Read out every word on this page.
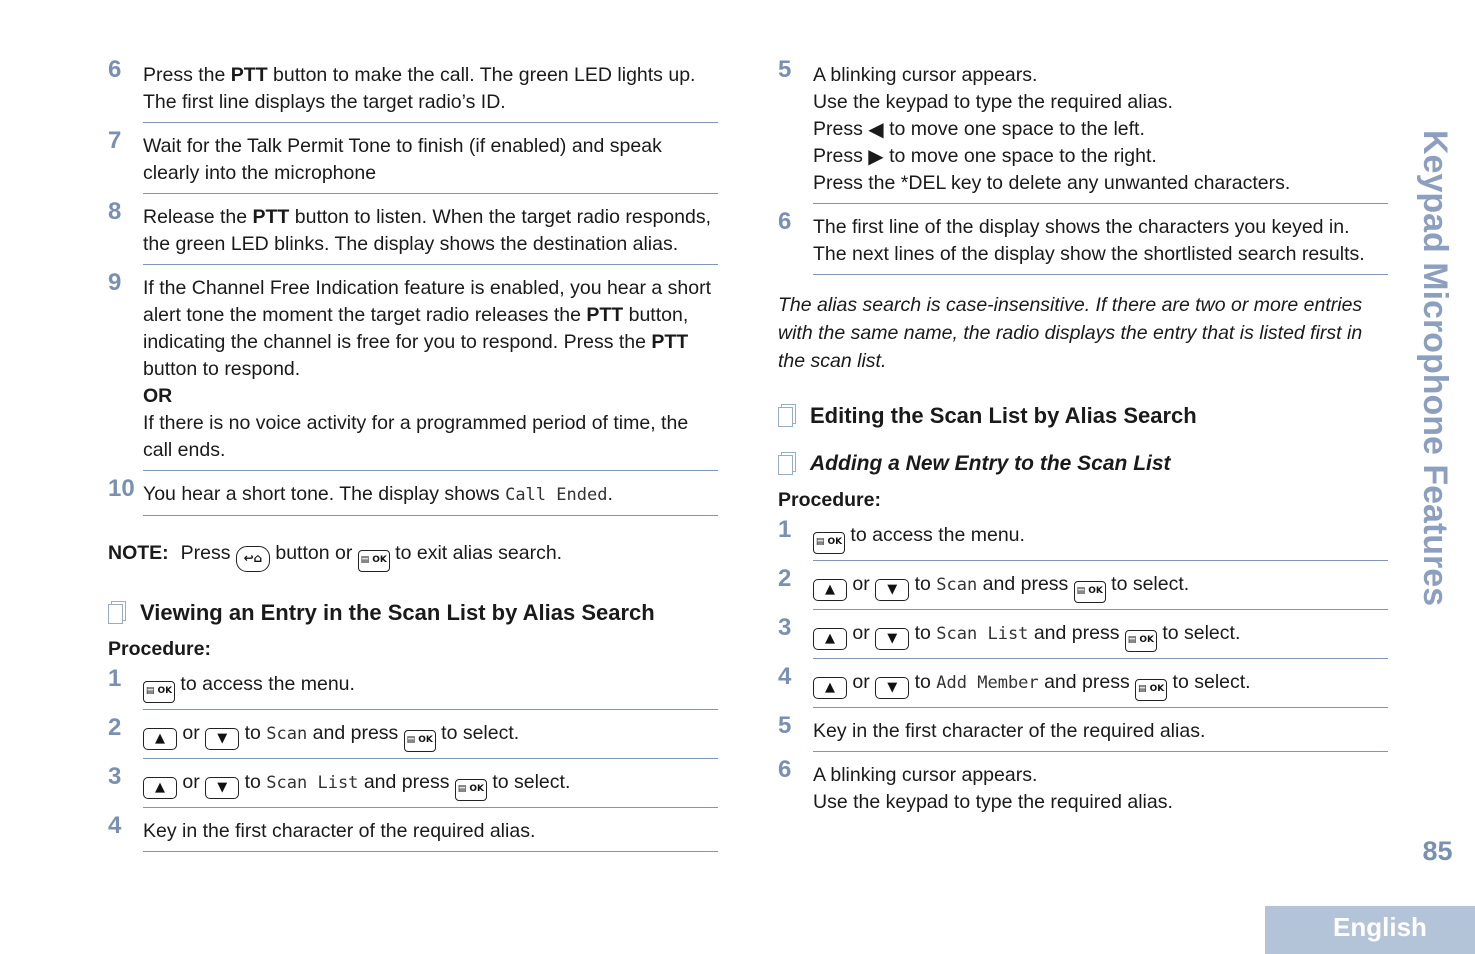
6 Press the PTT button to make the call. The green LED lights up. The first line displays the target radio’s ID.
7 Wait for the Talk Permit Tone to finish (if enabled) and speak clearly into the microphone
8 Release the PTT button to listen. When the target radio responds, the green LED blinks. The display shows the destination alias.
9 If the Channel Free Indication feature is enabled, you hear a short alert tone the moment the target radio releases the PTT button, indicating the channel is free for you to respond. Press the PTT button to respond.
OR
If there is no voice activity for a programmed period of time, the call ends.
10 You hear a short tone. The display shows Call Ended.
NOTE: Press ↩⌂ button or ▤ OK to exit alias search.
Viewing an Entry in the Scan List by Alias Search
Procedure:
1	▤ OK to access the menu.
2	▲ or ▼ to Scan and press ▤ OK to select.
3	▲ or ▼ to Scan List and press ▤ OK to select.
4 Key in the first character of the required alias.
5 A blinking cursor appears.
Use the keypad to type the required alias.
Press ◀ to move one space to the left.
Press ▶ to move one space to the right.
Press the *DEL key to delete any unwanted characters.
6 The first line of the display shows the characters you keyed in. The next lines of the display show the shortlisted search results.
The alias search is case-insensitive. If there are two or more entries with the same name, the radio displays the entry that is listed first in the scan list.
Editing the Scan List by Alias Search
Adding a New Entry to the Scan List
Procedure:
1	▤ OK to access the menu.
2	▲ or ▼ to Scan and press ▤ OK to select.
3	▲ or ▼ to Scan List and press ▤ OK to select.
4	▲ or ▼ to Add Member and press ▤ OK to select.
5 Key in the first character of the required alias.
6 A blinking cursor appears.
Use the keypad to type the required alias.
Keypad Microphone Features
85
English
